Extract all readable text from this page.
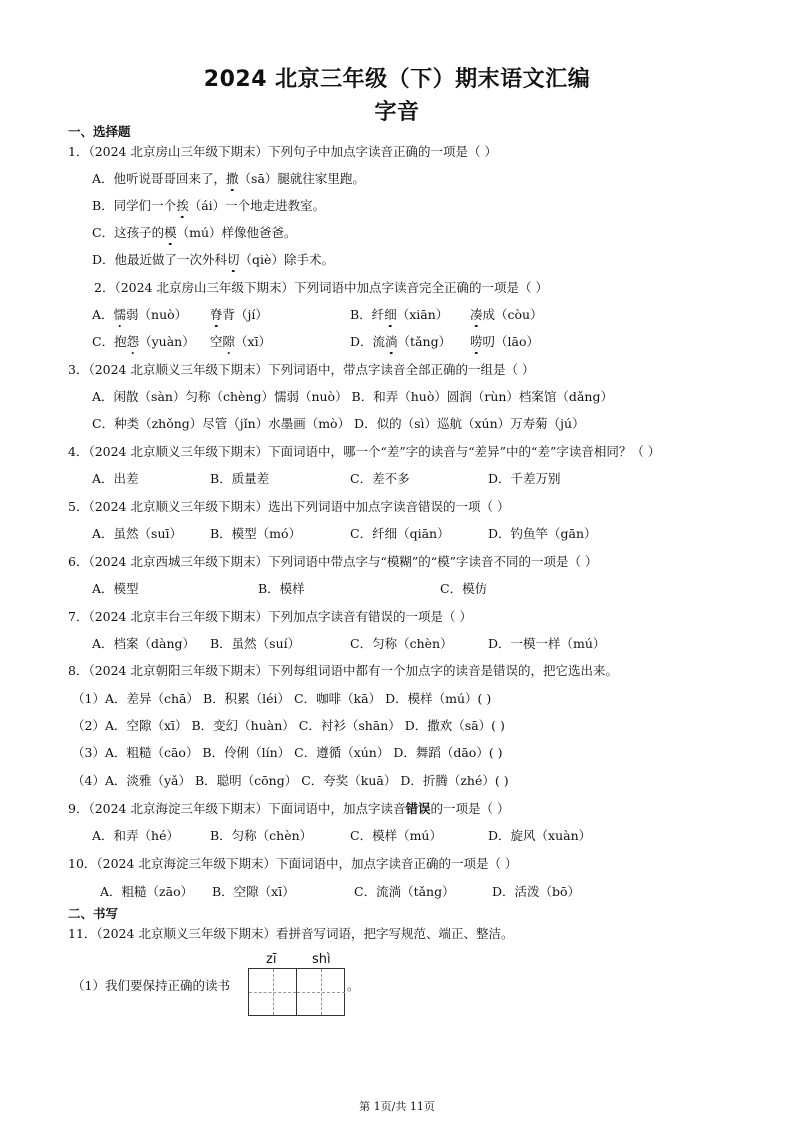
2024 北京三年级（下）期末语文汇编
字音
一、选择题
1．（2024 北京房山三年级下期末）下列句子中加点字读音正确的一项是（ ）
A．他听说哥哥回来了，撒（sā）腿就往家里跑。
B．同学们一个挨（ái）一个地走进教室。
C．这孩子的模（mú）样像他爸爸。
D．他最近做了一次外科切（qiè）除手术。
2．（2024 北京房山三年级下期末）下列词语中加点字读音完全正确的一项是（ ）
A．懦弱（nuò） 脊背（jí）	B．纤细（xiān） 凑成（còu）
C．抱怨（yuàn） 空隙（xī）	D．流淌（tǎng） 唠叨（lāo）
3．（2024 北京顺义三年级下期末）下列词语中，带点字读音全部正确的一组是（ ）
A．闲散（sàn）匀称（chèng）懦弱（nuò） B．和弄（huò）圆润（rùn）档案馆（dǎng）
C．种类（zhǒng）尽管（jǐn）水墨画（mò） D．似的（sì）巡航（xún）万寿菊（jú）
4．（2024 北京顺义三年级下期末）下面词语中，哪一个“差”字的读音与“差异”中的“差”字读音相同？（ ）
A．出差	B．质量差	C．差不多	D．千差万别
5．（2024 北京顺义三年级下期末）选出下列词语中加点字读音错误的一项（ ）
A．虽然（suī） B．模型（mó）	C．纤细（qiān）	D．钓鱼竿（gān）
6．（2024 北京西城三年级下期末）下列词语中带点字与“模糊”的“模”字读音不同的一项是（ ）
A．模型	B．模样	C．模仿
7．（2024 北京丰台三年级下期末）下列加点字读音有错误的一项是（ ）
A．档案（dàng） B．虽然（suí）	C．匀称（chèn）	D．一模一样（mú）
8．（2024 北京朝阳三年级下期末）下列每组词语中都有一个加点字的读音是错误的，把它选出来。
（1）A．差异（chā） B．积累（léi） C．咖啡（kā） D．模样（mú）( )
（2）A．空隙（xī） B．变幻（huàn） C．衬衫（shān） D．撒欢（sā）( )
（3）A．粗糙（cāo） B．伶俐（lín） C．遵循（xún） D．舞蹈（dāo）( )
（4）A．淡雅（yǎ） B．聪明（cōng） C．夸奖（kuā） D．折腾（zhé）( )
9．（2024 北京海淀三年级下期末）下面词语中，加点字读音错误的一项是（ ）
A．和弄（hé） B．匀称（chèn）	C．模样（mú）	D．旋风（xuàn）
10．（2024 北京海淀三年级下期末）下面词语中，加点字读音正确的一项是（ ）
A．粗糙（zāo） B．空隙（xī）	C．流淌（tǎng）	D．活泼（bō）
二、书写
11．（2024 北京顺义三年级下期末）看拼音写词语，把字写规范、端正、整洁。
zī	shì
（1）我们要保持正确的读书	。
第 1页/共 11页
